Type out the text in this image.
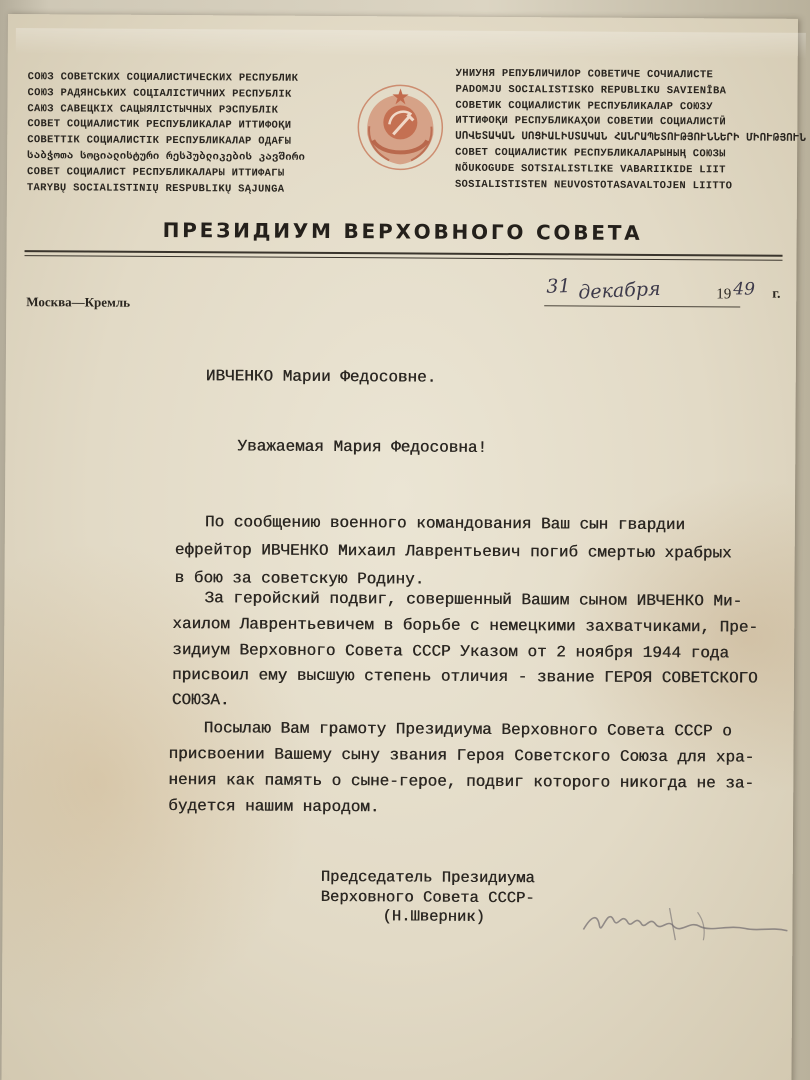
СОЮЗ СОВЕТСКИХ СОЦИАЛИСТИЧЕСКИХ РЕСПУБЛИК
СОЮЗ РАДЯНСЬКИХ СОЦІАЛІСТИЧНИХ РЕСПУБЛІК
САЮЗ САВЕЦКІХ САЦЫЯЛІСТЫЧНЫХ РЭСПУБЛІК
СОВЕТ СОЦИАЛИСТИК РЕСПУБЛИКАЛАР ИТТИФОҚИ
СОВЕТТІК СОЦИАЛИСТІК РЕСПУБЛИКАЛАР ОДАҒЫ
საბჭოთა სოციალისტური რესპუბლიკების კავშირი
СОВЕТ СОЦИАЛИСТ РЕСПУБЛИКАЛАРЫ ИТТИФАГЫ
TARYBŲ SOCIALISTINIŲ RESPUBLIKŲ SĄJUNGA
УНИУНЯ РЕПУБЛИЧИЛОР СОВЕТИЧЕ СОЧИАЛИСТЕ
PADOMJU SOCIALISTISKO REPUBLIKU SAVIENĪBA
СОВЕТИК СОЦИАЛИСТИК РЕСПУБЛИКАЛАР СОЮЗУ
ИТТИФОҚИ РЕСПУБЛИКАҲОИ СОВЕТИИ СОЦИАЛИСТӢ
ՍՈՎԵՏԱԿԱՆ ՍՈՑԻԱԼԻՍՏԱԿԱՆ ՀԱՆՐԱՊԵՏՈՒԹՅՈՒՆՆԵՐԻ ՄԻՈՒԹՅՈՒՆ
СОВЕТ СОЦИАЛИСТИК РЕСПУБЛИКАЛАРЫНЫҢ СОЮЗЫ
NÕUKOGUDE SOTSIALISTLIKE VABARIIKIDE LIIT
SOSIALISTISTEN NEUVOSTOTASAVALTOJEN LIITTO
ПРЕЗИДИУМ ВЕРХОВНОГО СОВЕТА
Москва—Кремль
31 декабря	19 49 г.
ИВЧЕНКО Марии Федосовне.
Уважаемая Мария Федосовна!
По сообщению военного командования Ваш сын гвардии
ефрейтор ИВЧЕНКО Михаил Лаврентьевич погиб смертью храбрых
в бою за советскую Родину.
За геройский подвиг, совершенный Вашим сыном ИВЧЕНКО Ми-
хаилом Лаврентьевичем в борьбе с немецкими захватчиками, Пре-
зидиум Верховного Совета СССР Указом от 2 ноября 1944 года
присвоил ему высшую степень отличия - звание ГЕРОЯ СОВЕТСКОГО
СОЮЗА.
Посылаю Вам грамоту Президиума Верховного Совета СССР о
присвоении Вашему сыну звания Героя Советского Союза для хра-
нения как память о сыне-герое, подвиг которого никогда не за-
будется нашим народом.
Председатель Президиума
Верховного Совета СССР-
(Н.Шверник)
